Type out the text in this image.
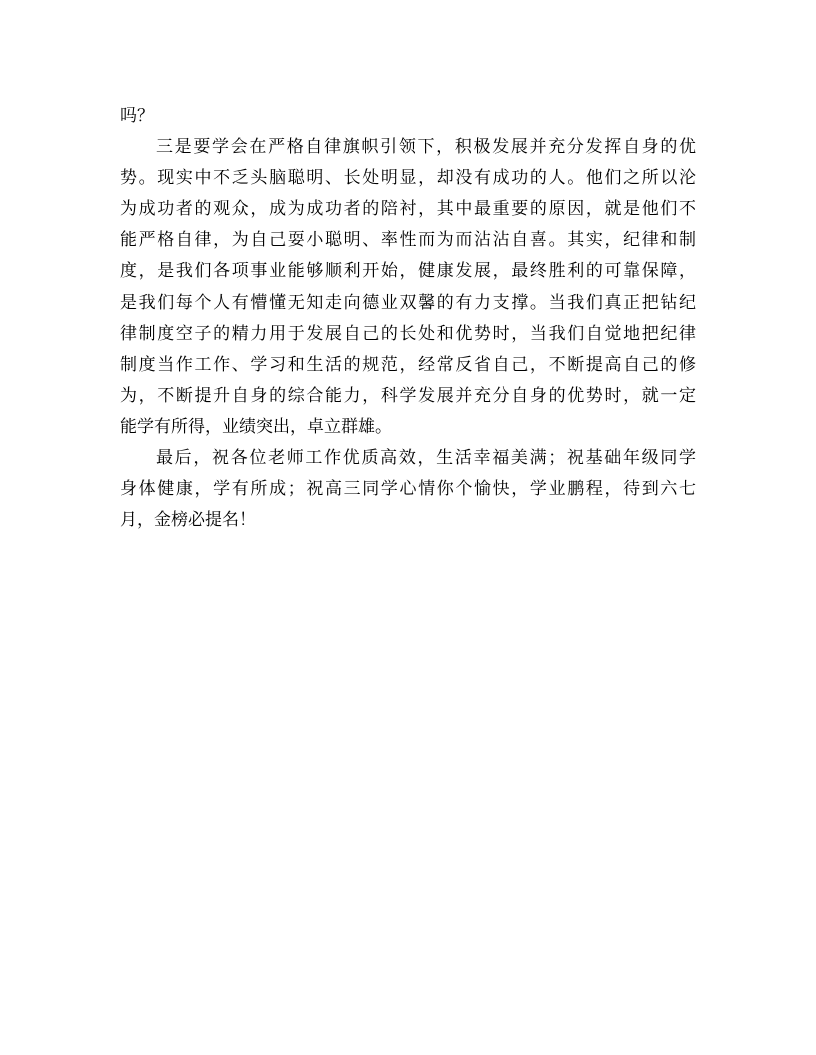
吗？
三是要学会在严格自律旗帜引领下，积极发展并充分发挥自身的优
势。现实中不乏头脑聪明、长处明显，却没有成功的人。他们之所以沦
为成功者的观众，成为成功者的陪衬，其中最重要的原因，就是他们不
能严格自律，为自己耍小聪明、率性而为而沾沾自喜。其实，纪律和制
度，是我们各项事业能够顺利开始，健康发展，最终胜利的可靠保障，
是我们每个人有懵懂无知走向德业双馨的有力支撑。当我们真正把钻纪
律制度空子的精力用于发展自己的长处和优势时，当我们自觉地把纪律
制度当作工作、学习和生活的规范，经常反省自己，不断提高自己的修
为，不断提升自身的综合能力，科学发展并充分自身的优势时，就一定
能学有所得，业绩突出，卓立群雄。
最后，祝各位老师工作优质高效，生活幸福美满；祝基础年级同学
身体健康，学有所成；祝高三同学心情你个愉快，学业鹏程，待到六七
月，金榜必提名！
